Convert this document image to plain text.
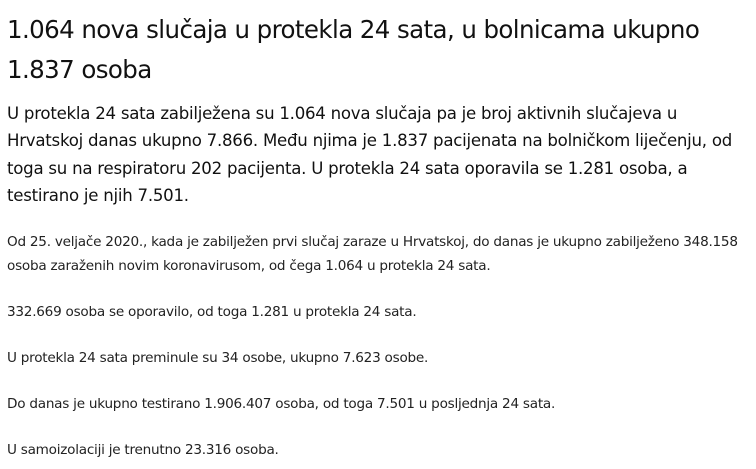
1.064 nova slučaja u protekla 24 sata, u bolnicama ukupno 1.837 osoba

U protekla 24 sata zabilježena su 1.064 nova slučaja pa je broj aktivnih slučajeva u Hrvatskoj danas ukupno 7.866. Među njima je 1.837 pacijenata na bolničkom liječenju, od toga su na respiratoru 202 pacijenta. U protekla 24 sata oporavila se 1.281 osoba, a testirano je njih 7.501.

Od 25. veljače 2020., kada je zabilježen prvi slučaj zaraze u Hrvatskoj, do danas je ukupno zabilježeno 348.158 osoba zaraženih novim koronavirusom, od čega 1.064 u protekla 24 sata.

332.669 osoba se oporavilo, od toga 1.281 u protekla 24 sata.

U protekla 24 sata preminule su 34 osobe, ukupno 7.623 osobe.

Do danas je ukupno testirano 1.906.407 osoba, od toga 7.501 u posljednja 24 sata.

U samoizolaciji je trenutno 23.316 osoba.
